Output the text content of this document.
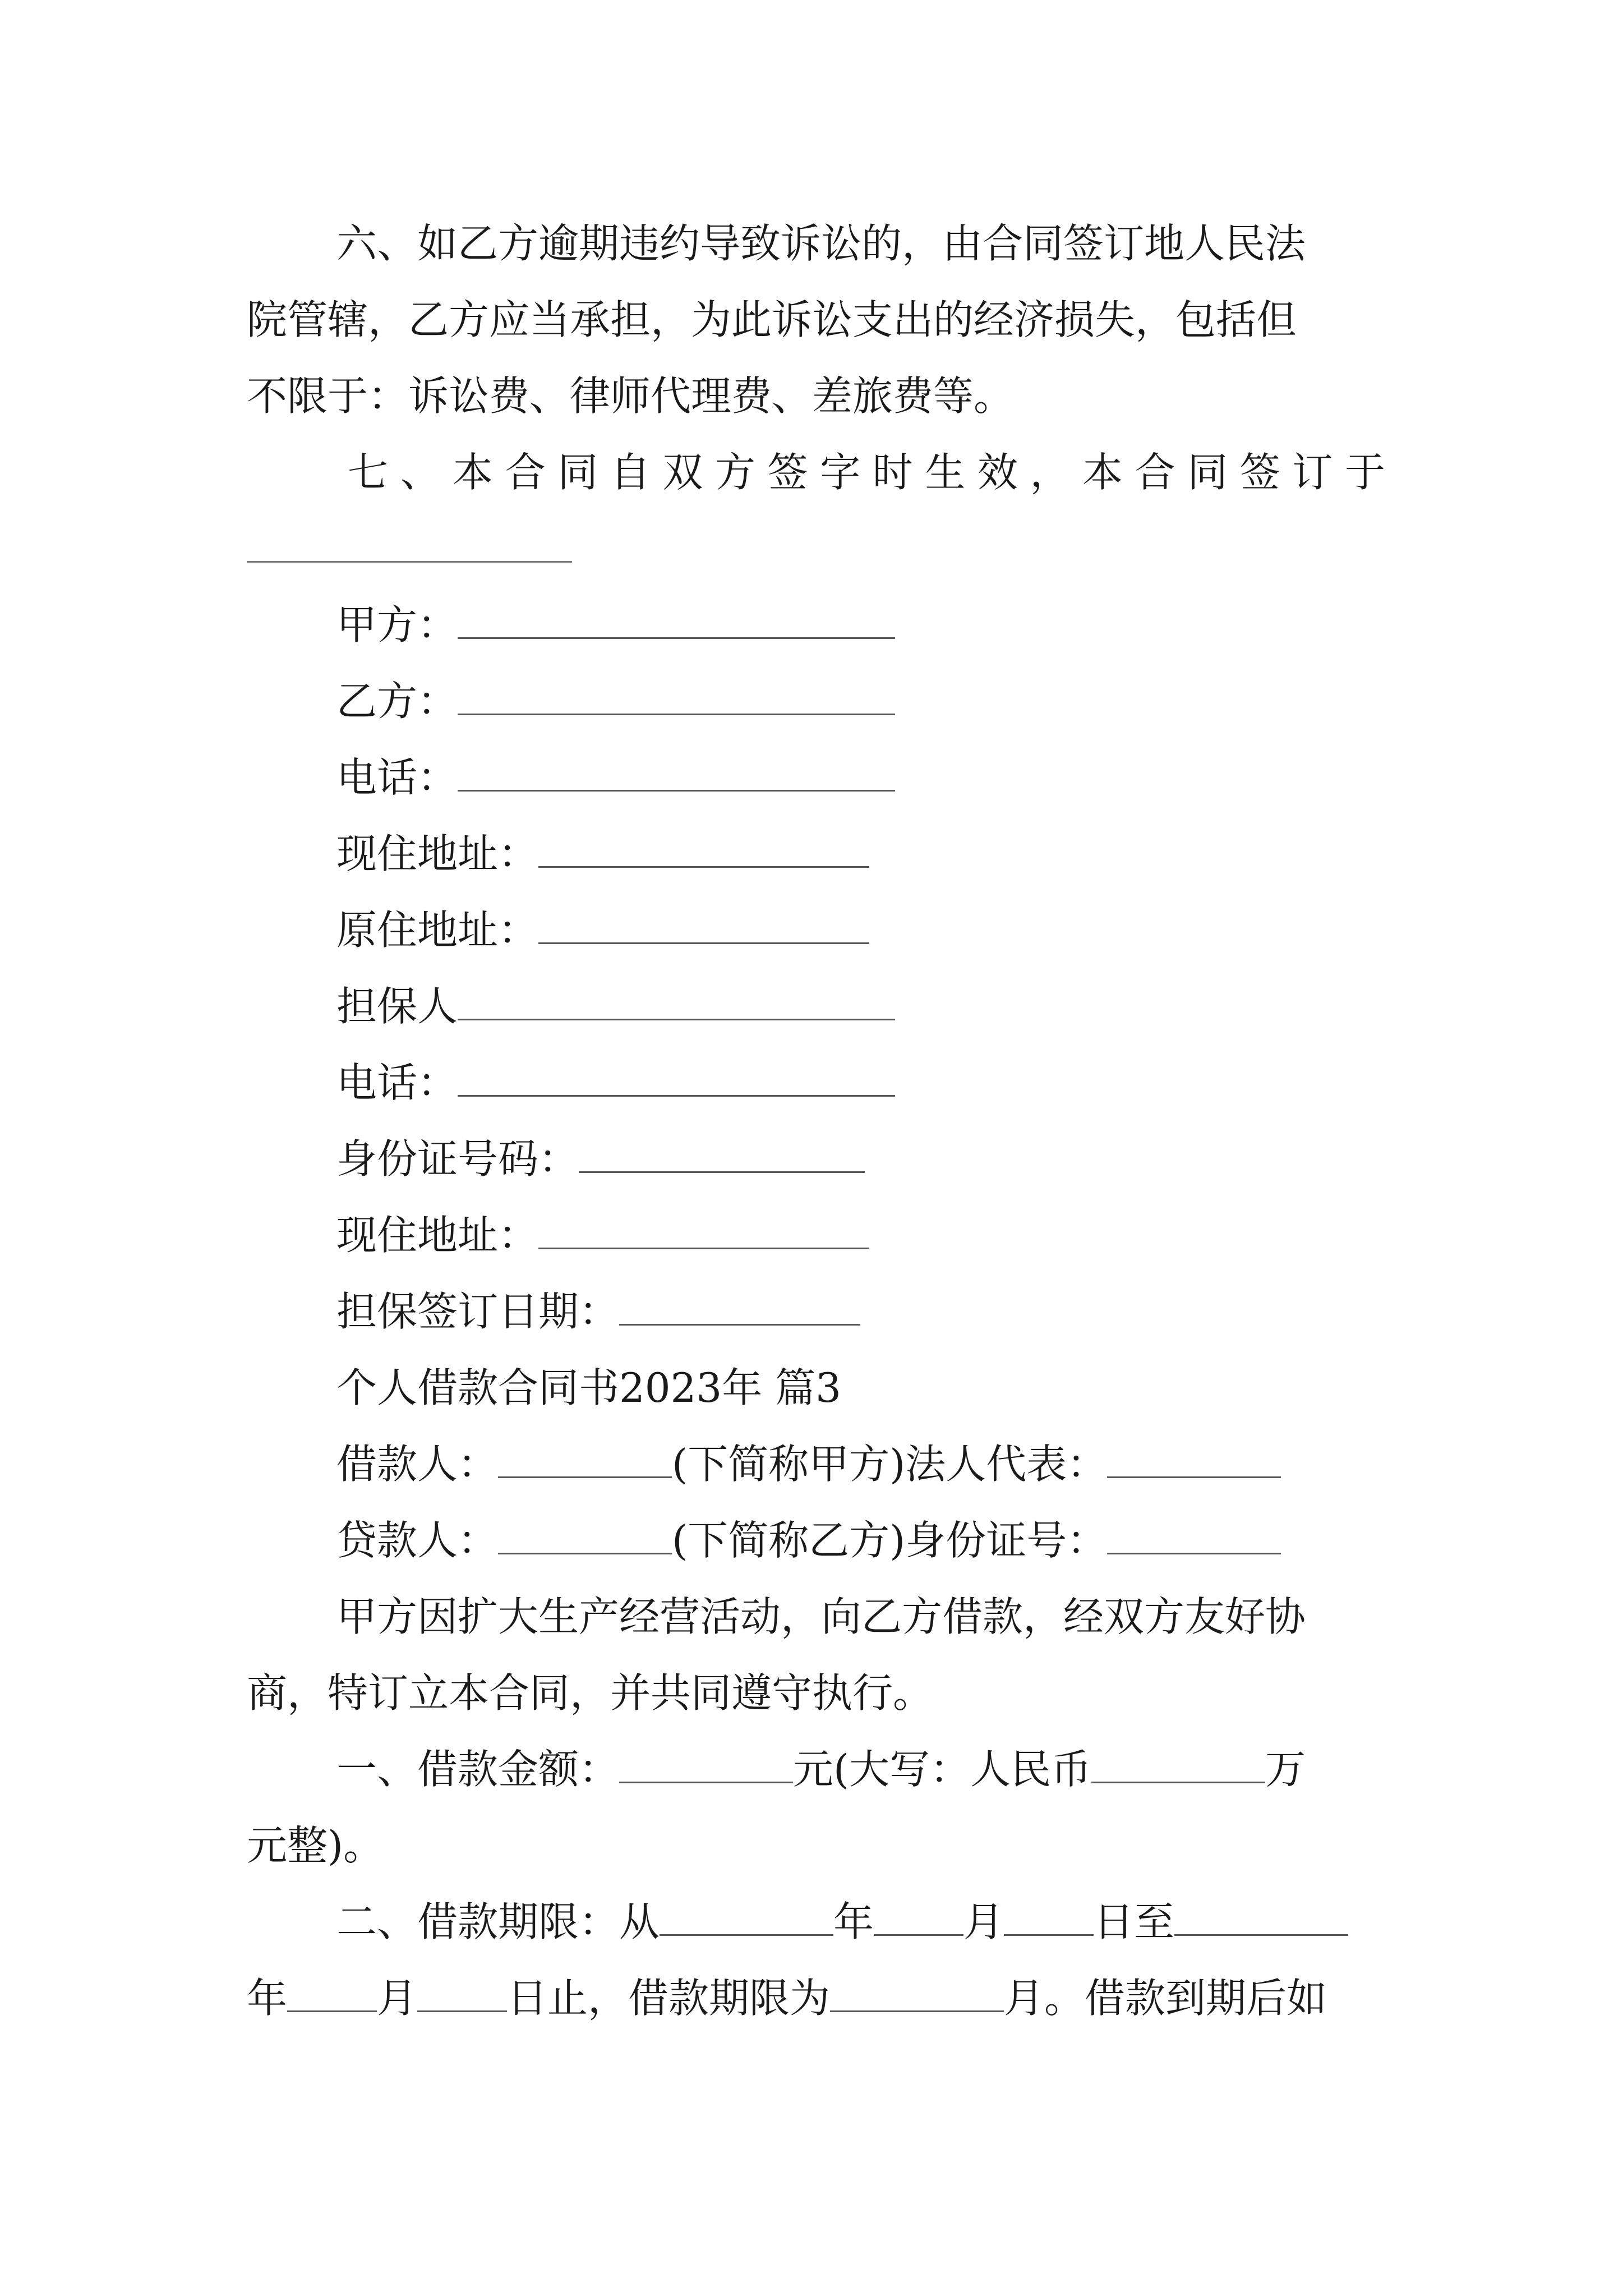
六、如乙方逾期违约导致诉讼的，由合同签订地人民法
院管辖，乙方应当承担，为此诉讼支出的经济损失，包括但
不限于：诉讼费、律师代理费、差旅费等。
七 、 本 合 同 自 双 方 签 字 时 生 效 ， 本 合 同 签 订 于
甲方：
乙方：
电话：
现住地址：
原住地址：
担保人
电话：
身份证号码：
现住地址：
担保签订日期：
个人借款合同书2023年 篇3
借款人：	(下简称甲方)法人代表：
贷款人：	(下简称乙方)身份证号：
甲方因扩大生产经营活动，向乙方借款，经双方友好协
商，特订立本合同，并共同遵守执行。
一、借款金额：	元(大写：人民币	万
元整)。
二、借款期限：从	年 月 日至
年 月 日止，借款期限为	月。借款到期后如
